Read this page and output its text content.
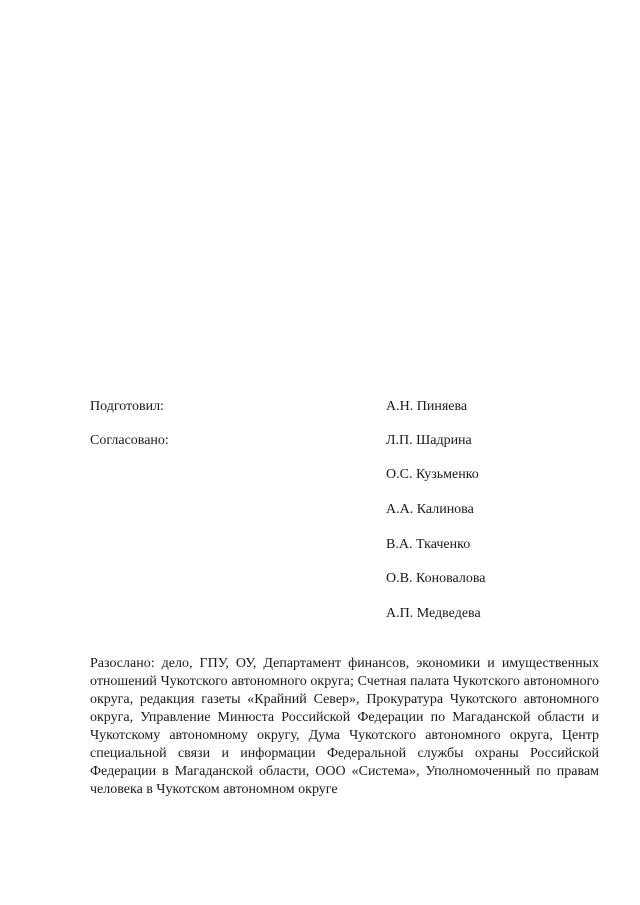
Подготовил:	А.Н. Пиняева
Согласовано:	Л.П. Шадрина
О.С. Кузьменко
А.А. Калинова
В.А. Ткаченко
О.В. Коновалова
А.П. Медведева

Разослано: дело, ГПУ, ОУ, Департамент финансов, экономики и имущественных отношений Чукотского автономного округа; Счетная палата Чукотского автономного округа, редакция газеты «Крайний Север», Прокуратура Чукотского автономного округа, Управление Минюста Российской Федерации по Магаданской области и Чукотскому автономному округу, Дума Чукотского автономного округа, Центр специальной связи и информации Федеральной службы охраны Российской Федерации в Магаданской области, ООО «Система», Уполномоченный по правам человека в Чукотском автономном округе
